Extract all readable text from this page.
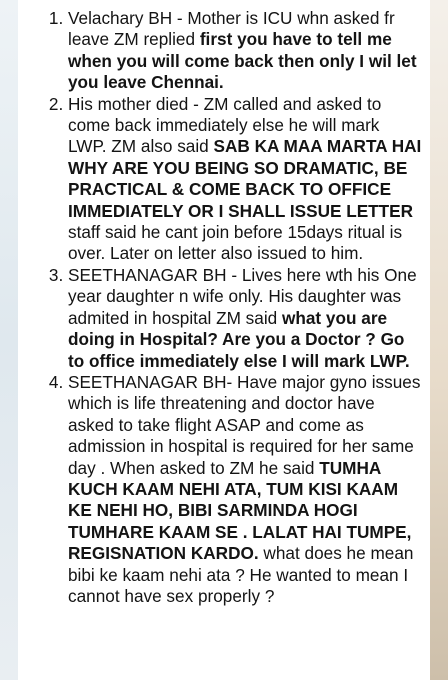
1. Velachary BH - Mother is ICU whn asked fr leave ZM replied first you have to tell me when you will come back then only I wil let you leave Chennai.
2. His mother died - ZM called and asked to come back immediately else he will mark LWP. ZM also said SAB KA MAA MARTA HAI WHY ARE YOU BEING SO DRAMATIC, BE PRACTICAL & COME BACK TO OFFICE IMMEDIATELY OR I SHALL ISSUE LETTER staff said he cant join before 15days ritual is over. Later on letter also issued to him.
3. SEETHANAGAR BH - Lives here wth his One year daughter n wife only. His daughter was admited in hospital ZM said what you are doing in Hospital? Are you a Doctor ? Go to office immediately else I will mark LWP.
4. SEETHANAGAR BH- Have major gyno issues which is life threatening and doctor have asked to take flight ASAP and come as admission in hospital is required for her same day . When asked to ZM he said TUMHA KUCH KAAM NEHI ATA, TUM KISI KAAM KE NEHI HO, BIBI SARMINDA HOGI TUMHARE KAAM SE . LALAT HAI TUMPE, REGISNATION KARDO. what does he mean bibi ke kaam nehi ata ? He wanted to mean I cannot have sex properly ?
